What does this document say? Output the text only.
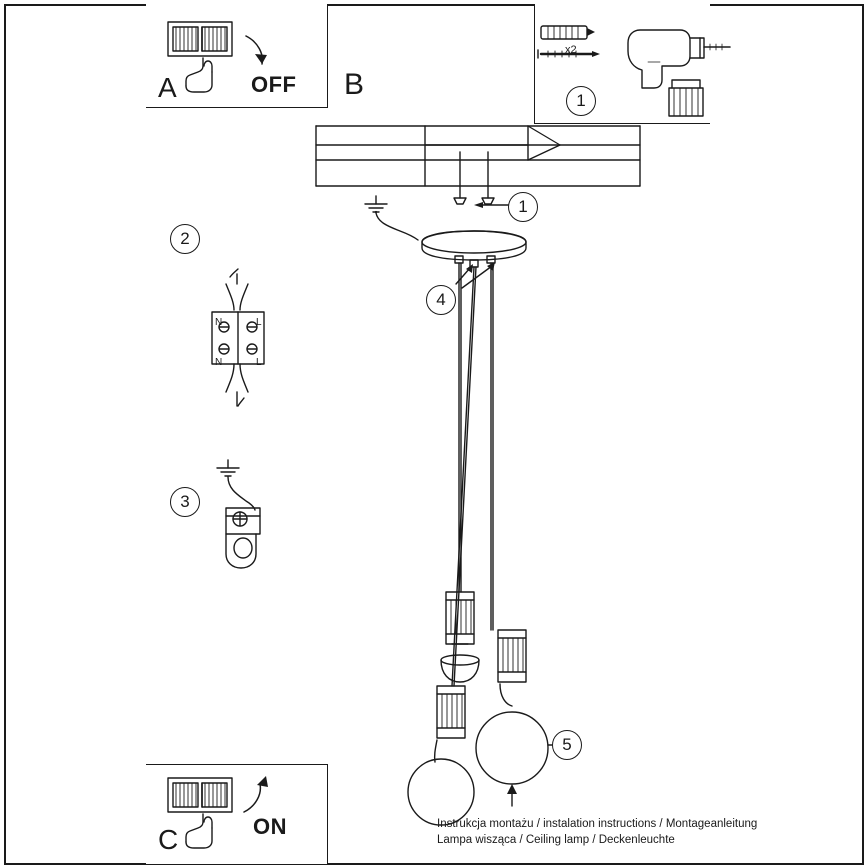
A	B
C
OFF
ON
x2
N	L
N	L
1
1
2
3
4
5
Instrukcja montażu / instalation instructions / Montageanleitung
Lampa wisząca / Ceiling lamp / Deckenleuchte
